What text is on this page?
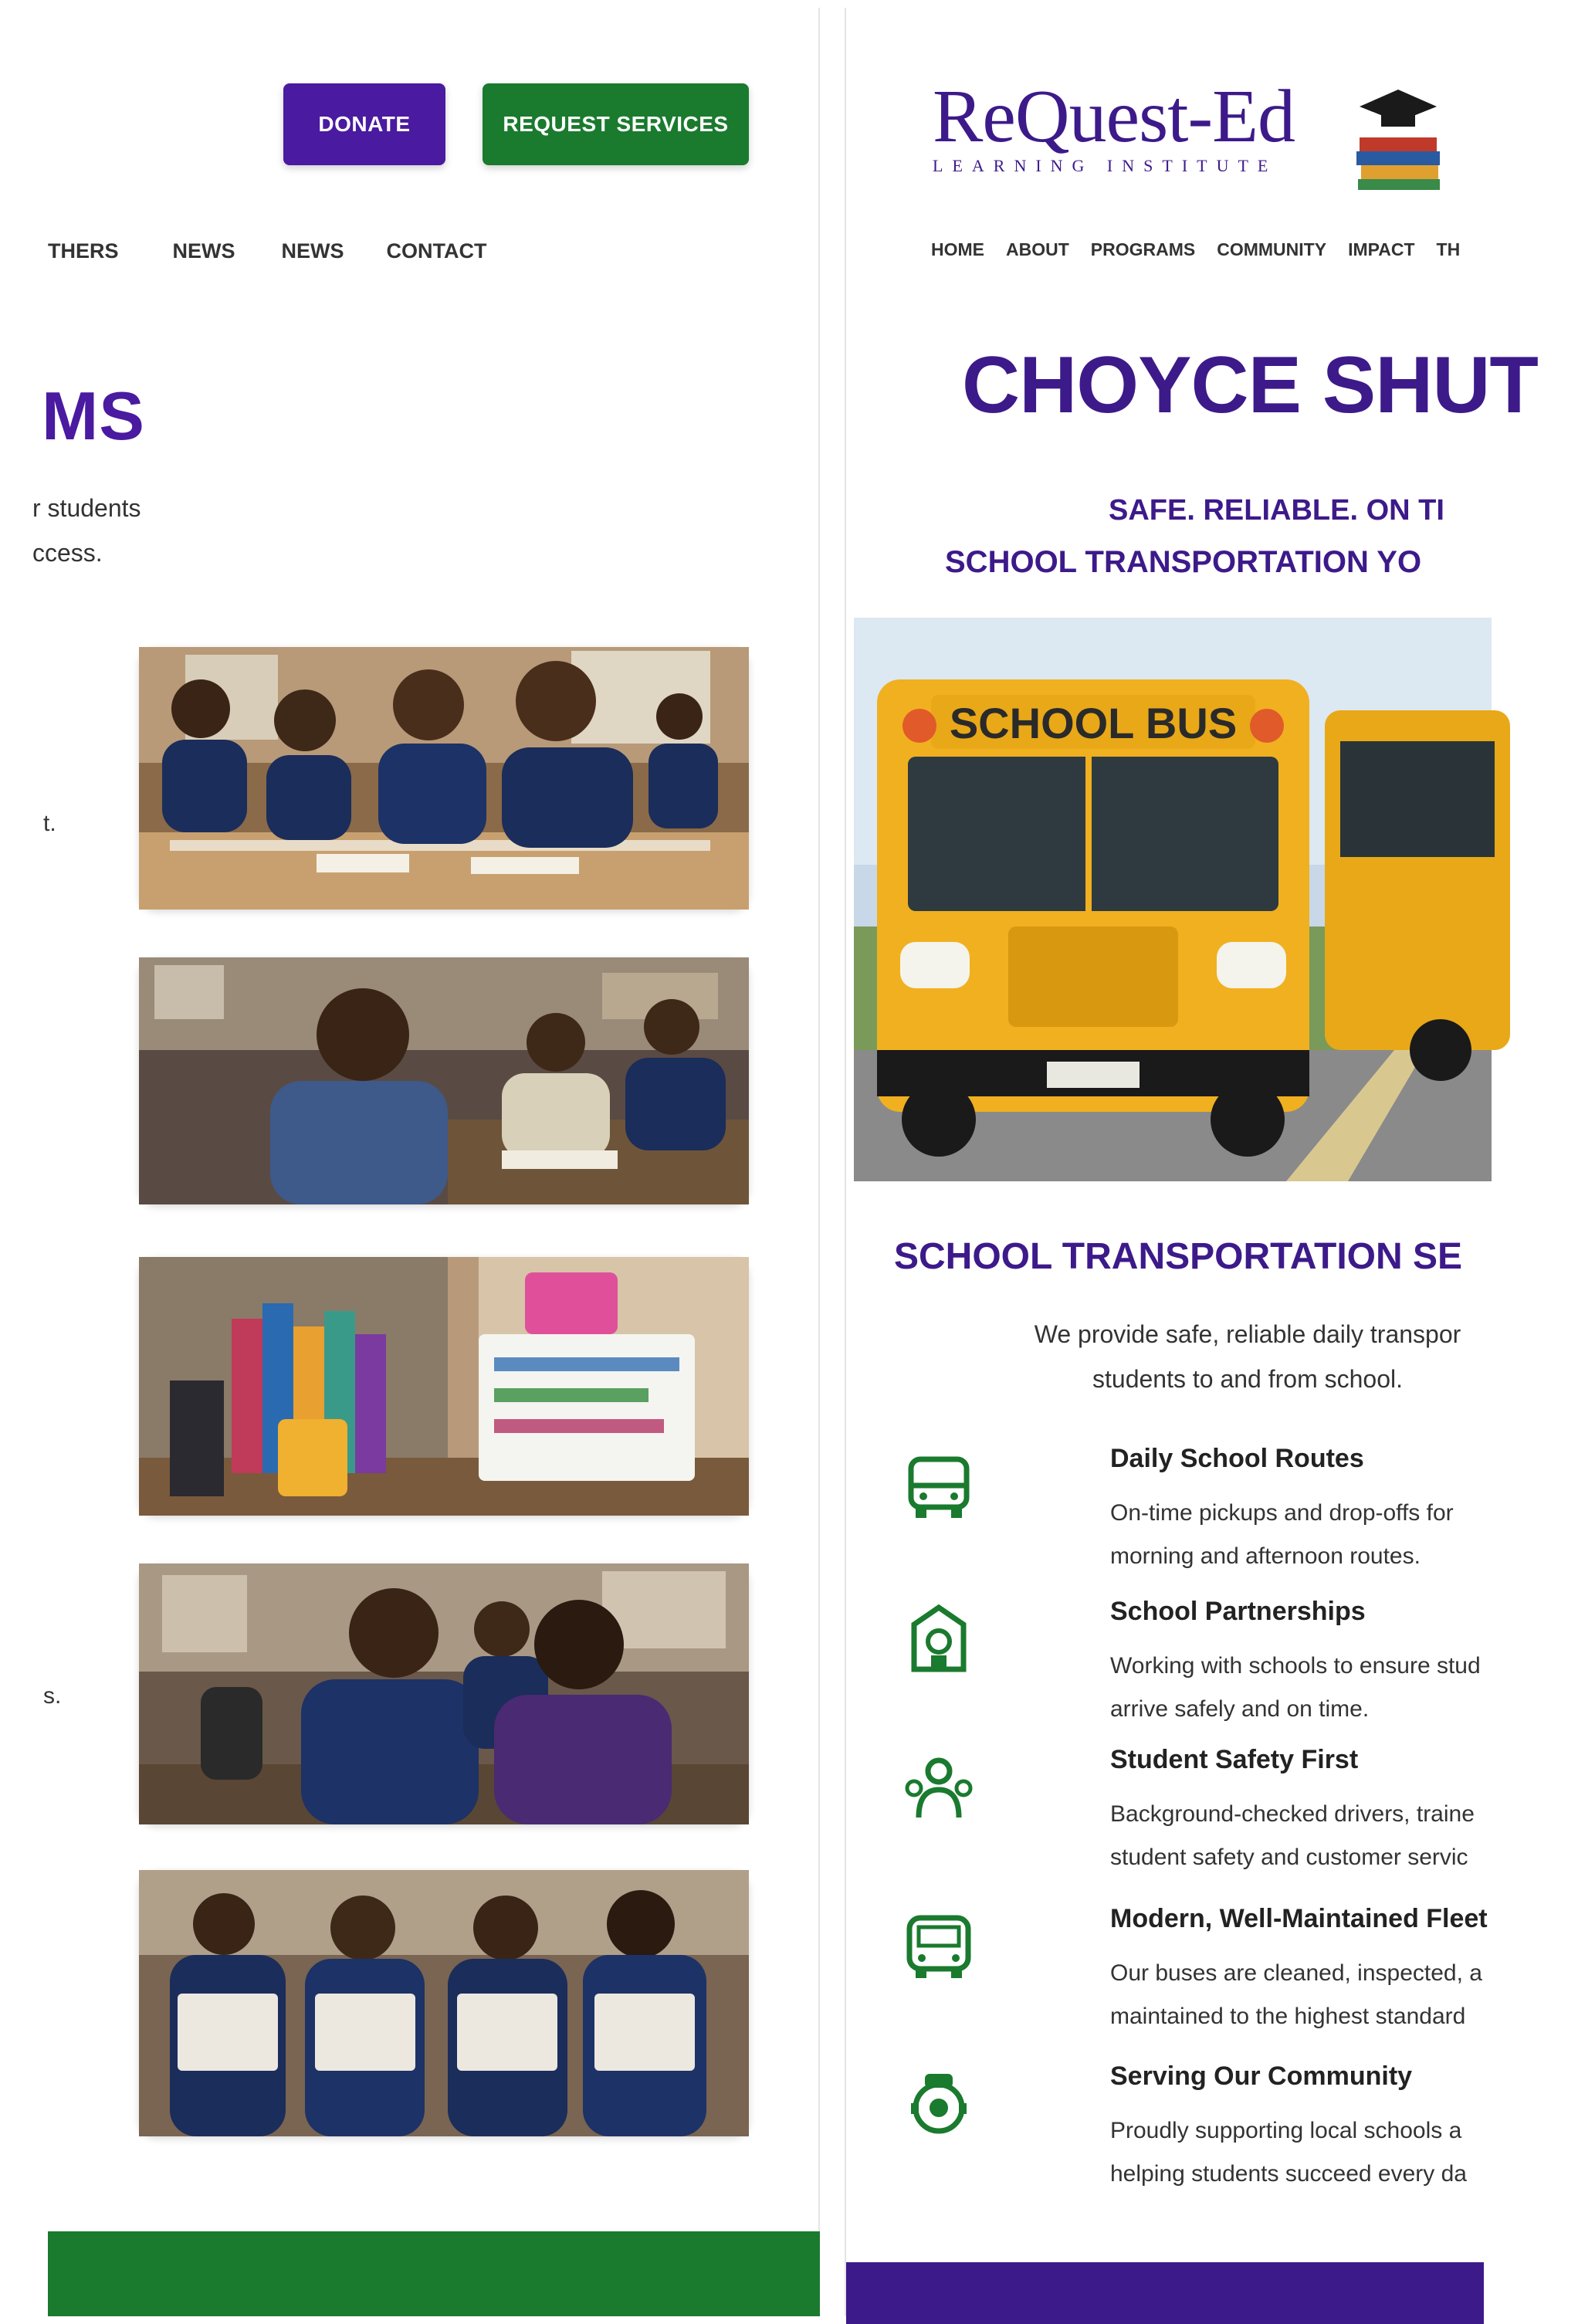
DONATE	REQUEST SERVICES
THERS	NEWS NEWS CONTACT
MS

r students

ccess.

t.
s.
ReQuest-Ed
LEARNING INSTITUTE
HOME ABOUT PROGRAMS COMMUNITY IMPACT TH
CHOYCE SHUT
SAFE. RELIABLE. ON TI
SCHOOL TRANSPORTATION YO
SCHOOL BUS
SCHOOL TRANSPORTATION SE
We provide safe, reliable daily transpor
students to and from school.
Daily School Routes
On-time pickups and drop-offs for
morning and afternoon routes.
School Partnerships
Working with schools to ensure stud
arrive safely and on time.
Student Safety First
Background-checked drivers, traine
student safety and customer servic
Modern, Well-Maintained Fleet
Our buses are cleaned, inspected, a
maintained to the highest standard
Serving Our Community
Proudly supporting local schools a
helping students succeed every da
